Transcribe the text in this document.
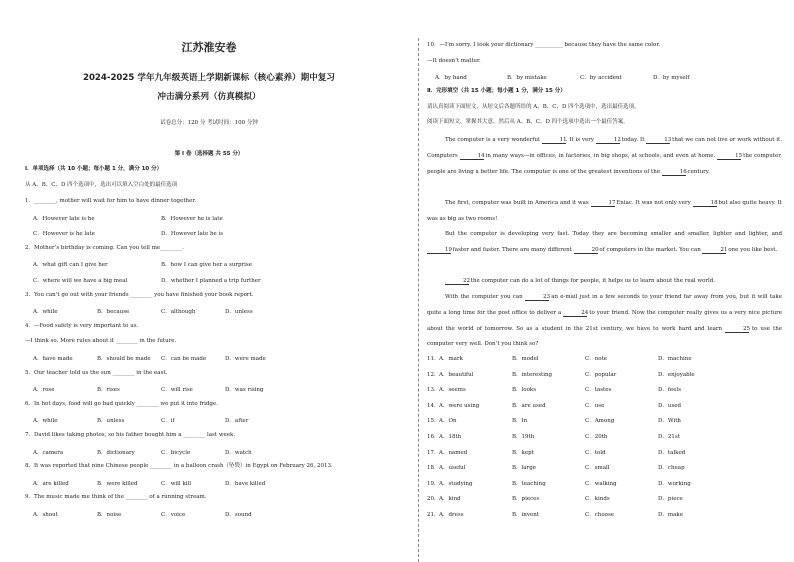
江苏淮安卷
2024-2025 学年九年级英语上学期新课标（核心素养）期中复习
冲击满分系列（仿真模拟）
试卷总分：120 分 考试时间：100 分钟
第 I 卷（选择题 共 55 分）
Ⅰ．单项选择（共 10 小题；每小题 1 分，满分 10 分）
从 A、B、C、D 四个选项中，选出可以填入空白处的最佳选项
1．________, mother will wait for him to have dinner together.
A．However late is he	B．However he is late
C．However is he late	D．However late he is
2．Mother’s birthday is coming. Can you tell me________.
A．what gift can I give her	B．how I can give her a surprise
C．where will we have a big meal	D．whether I planned a trip further
3．You can’t go out with your friends ________ you have finished your book report.
A．while	B．because	C．although	D．unless
4．—Food safety is very important to us.
—I think so. More rules about it ________ in the future.
A．have made	B．should be made C．can be made	D．were made
5．Our teacher told us the sun ________ in the east.
A．rose	B．rises	C．will rise	D．was rising
6．In hot days, food will go bad quickly ________ we put it into fridge.
A．while	B．unless	C．if	D．after
7．David likes taking photos, so his father bought him a ________ last week.
A．camera	B．dictionary	C．bicycle	D．watch
8．It was reported that nine Chinese people ________ in a balloon crash（坠毁）in Egypt on February 26, 2013.
A．are killed	B．were killed	C．will kill	D．have killed
9．The music made me think of the ________ of a running stream.
A．shout	B．noise	C．voice	D．sound
10．—I’m sorry. I took your dictionary __________ because they have the same color.
—It doesn’t matter.
A．by hand	B．by mistake	C．by accident	D．by myself
Ⅱ．完形填空（共 15 小题；每小题 1 分，满分 15 分）
请认真阅读下面短文，从短文后各题所给的 A、B、C、D 四个选项中，选出最佳选项。
阅读下面短文，掌握其大意，然后从 A、B、C、D 四个选项中选出一个最佳答案。
The computer is a very wonderful	11. It is very	12 today. It	13 that we can not live or work without it. Computers	14 in many ways—in offices, in factories, in big shops, at schools, and even at home.	15 the computer, people are living a better life. The computer is one of the greatest inventions of the	16 century.
The first, computer was built in America and it was	17 Eniac. It was not only very	18 but also quite heavy. It was as big as two rooms!
But the computer is developing very fast. Today they are becoming smaller and smaller, lighter and lighter, and 19 faster and faster. There are many different	20 of computers in the market. You can	21 one you like best.
22 the computer can do a lot of things for people, it helps us to learn about the real world.
With the computer you can	23 an e-mail just in a few seconds to your friend far away from you, but it will take quite a long time for the post office to deliver a	24 to your friend. Now the computer really gives us a very nice picture about the world of tomorrow. So as a student in the 21st century, we have to work hard and learn	25 to use the computer very well. Don’t you think so?
11． A．mark	B．model	C．note	D．machine
12． A．beautiful	B．interesting	C．popular	D．enjoyable
13． A．seems	B．looks	C．tastes	D．feels
14． A．were using	B．are used	C．use	D．used
15． A．On	B．In	C．Among	D．With
16． A．18th	B．19th	C．20th	D．21st
17． A．named	B．kept	C．told	D．talked
18． A．useful	B．large	C．small	D．cheap
19． A．studying	B．teaching	C．walking	D．working
20． A．kind	B．pieces	C．kinds	D．piece
21． A．dress	B．invent	C．choose	D．make
